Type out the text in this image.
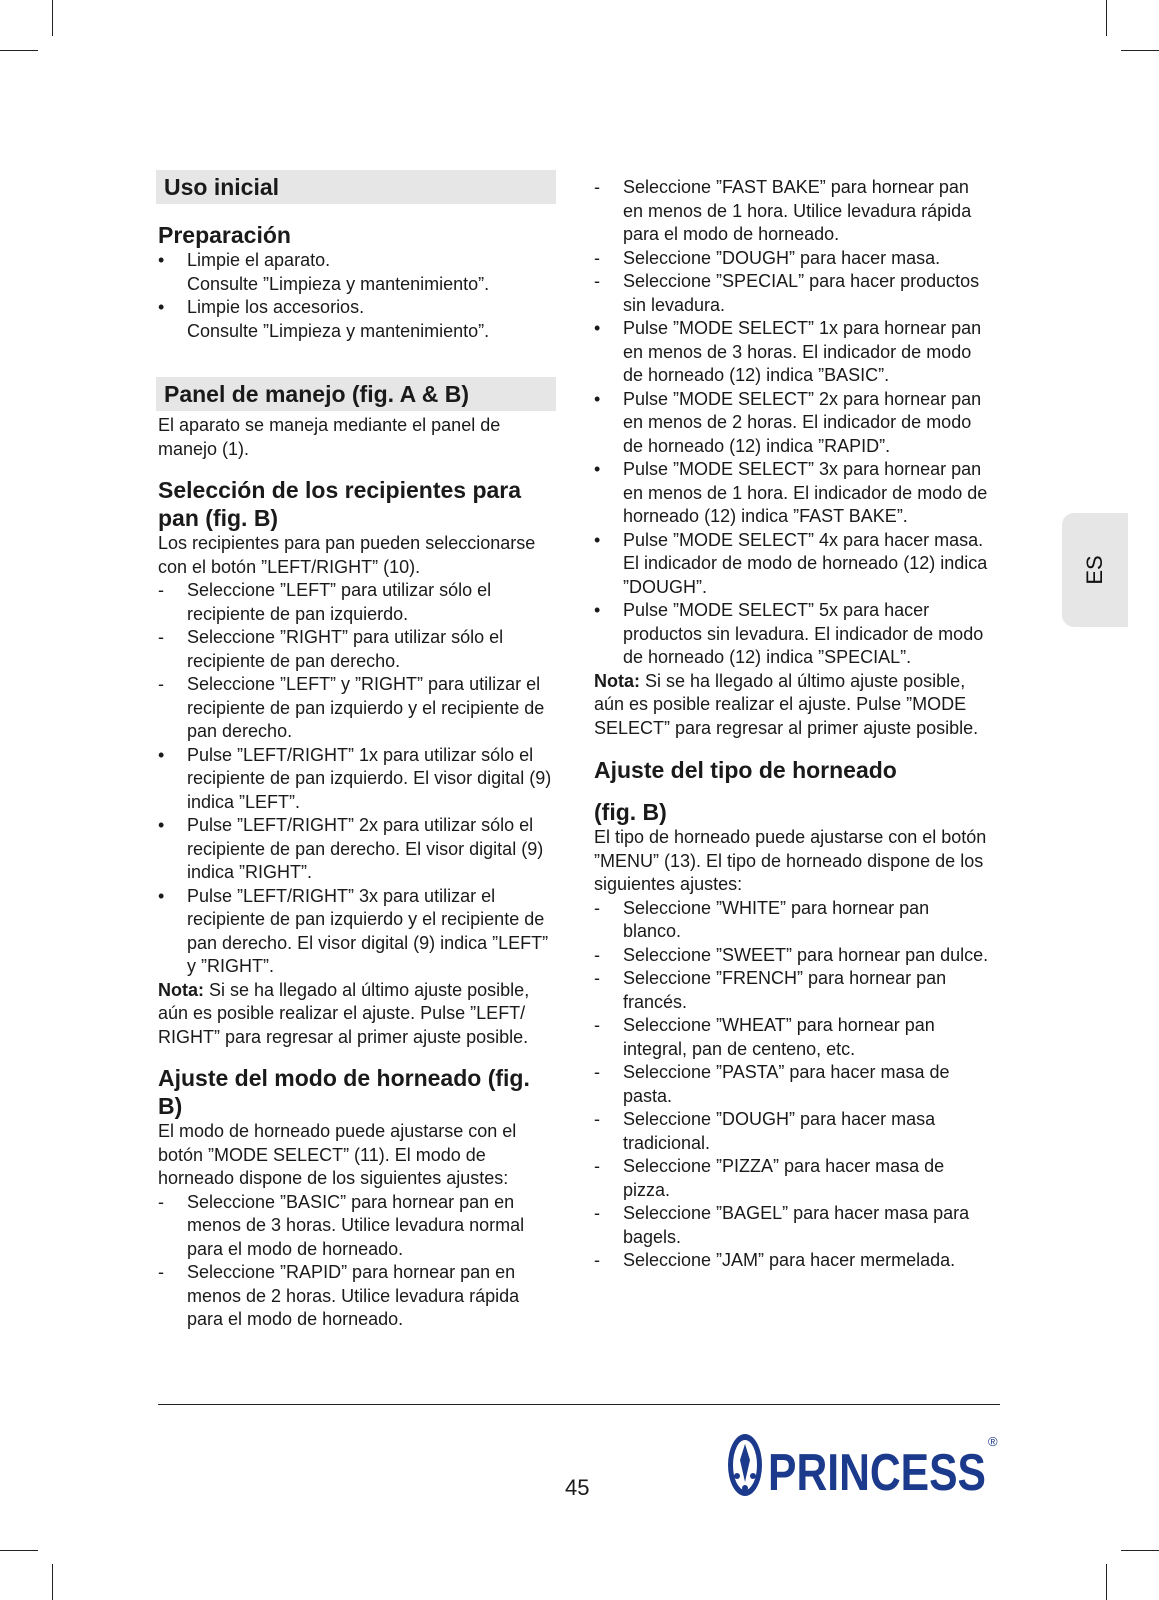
Uso inicial
Preparación
•	Limpie el aparato.
Consulte ”Limpieza y mantenimiento”.
•	Limpie los accesorios.
Consulte ”Limpieza y mantenimiento”.
Panel de manejo (fig. A & B)

El aparato se maneja mediante el panel de manejo (1).

Selección de los recipientes para pan (fig. B)

Los recipientes para pan pueden seleccionarse con el botón ”LEFT/RIGHT” (10).

-	Seleccione ”LEFT” para utilizar sólo el recipiente de pan izquierdo.
-	Seleccione ”RIGHT” para utilizar sólo el recipiente de pan derecho.
-	Seleccione ”LEFT” y ”RIGHT” para utilizar el recipiente de pan izquierdo y el recipiente de pan derecho.
•	Pulse ”LEFT/RIGHT” 1x para utilizar sólo el recipiente de pan izquierdo. El visor digital (9) indica ”LEFT”.
•	Pulse ”LEFT/RIGHT” 2x para utilizar sólo el recipiente de pan derecho. El visor digital (9) indica ”RIGHT”.
•	Pulse ”LEFT/RIGHT” 3x para utilizar el recipiente de pan izquierdo y el recipiente de pan derecho. El visor digital (9) indica ”LEFT” y ”RIGHT”.

Nota: Si se ha llegado al último ajuste posible, aún es posible realizar el ajuste. Pulse ”LEFT/ RIGHT” para regresar al primer ajuste posible.

Ajuste del modo de horneado (fig. B)

El modo de horneado puede ajustarse con el botón ”MODE SELECT” (11). El modo de horneado dispone de los siguientes ajustes:

-	Seleccione ”BASIC” para hornear pan en menos de 3 horas. Utilice levadura normal para el modo de horneado.
-	Seleccione ”RAPID” para hornear pan en menos de 2 horas. Utilice levadura rápida para el modo de horneado.
-	Seleccione ”FAST BAKE” para hornear pan en menos de 1 hora. Utilice levadura rápida para el modo de horneado.
-	Seleccione ”DOUGH” para hacer masa.
-	Seleccione ”SPECIAL” para hacer productos sin levadura.
•	Pulse ”MODE SELECT” 1x para hornear pan en menos de 3 horas. El indicador de modo de horneado (12) indica ”BASIC”.
•	Pulse ”MODE SELECT” 2x para hornear pan en menos de 2 horas. El indicador de modo de horneado (12) indica ”RAPID”.
•	Pulse ”MODE SELECT” 3x para hornear pan en menos de 1 hora. El indicador de modo de horneado (12) indica ”FAST BAKE”.
•	Pulse ”MODE SELECT” 4x para hacer masa. El indicador de modo de horneado (12) indica ”DOUGH”.
•	Pulse ”MODE SELECT” 5x para hacer productos sin levadura. El indicador de modo de horneado (12) indica ”SPECIAL”.

Nota: Si se ha llegado al último ajuste posible, aún es posible realizar el ajuste. Pulse ”MODE SELECT” para regresar al primer ajuste posible.

Ajuste del tipo de horneado
(fig. B)

El tipo de horneado puede ajustarse con el botón ”MENU” (13). El tipo de horneado dispone de los siguientes ajustes:

-	Seleccione ”WHITE” para hornear pan blanco.
-	Seleccione ”SWEET” para hornear pan dulce.
-	Seleccione ”FRENCH” para hornear pan francés.
-	Seleccione ”WHEAT” para hornear pan integral, pan de centeno, etc.
-	Seleccione ”PASTA” para hacer masa de pasta.
-	Seleccione ”DOUGH” para hacer masa tradicional.
-	Seleccione ”PIZZA” para hacer masa de pizza.
-	Seleccione ”BAGEL” para hacer masa para bagels.
-	Seleccione ”JAM” para hacer mermelada.
ES
45	PRINCESS
®
